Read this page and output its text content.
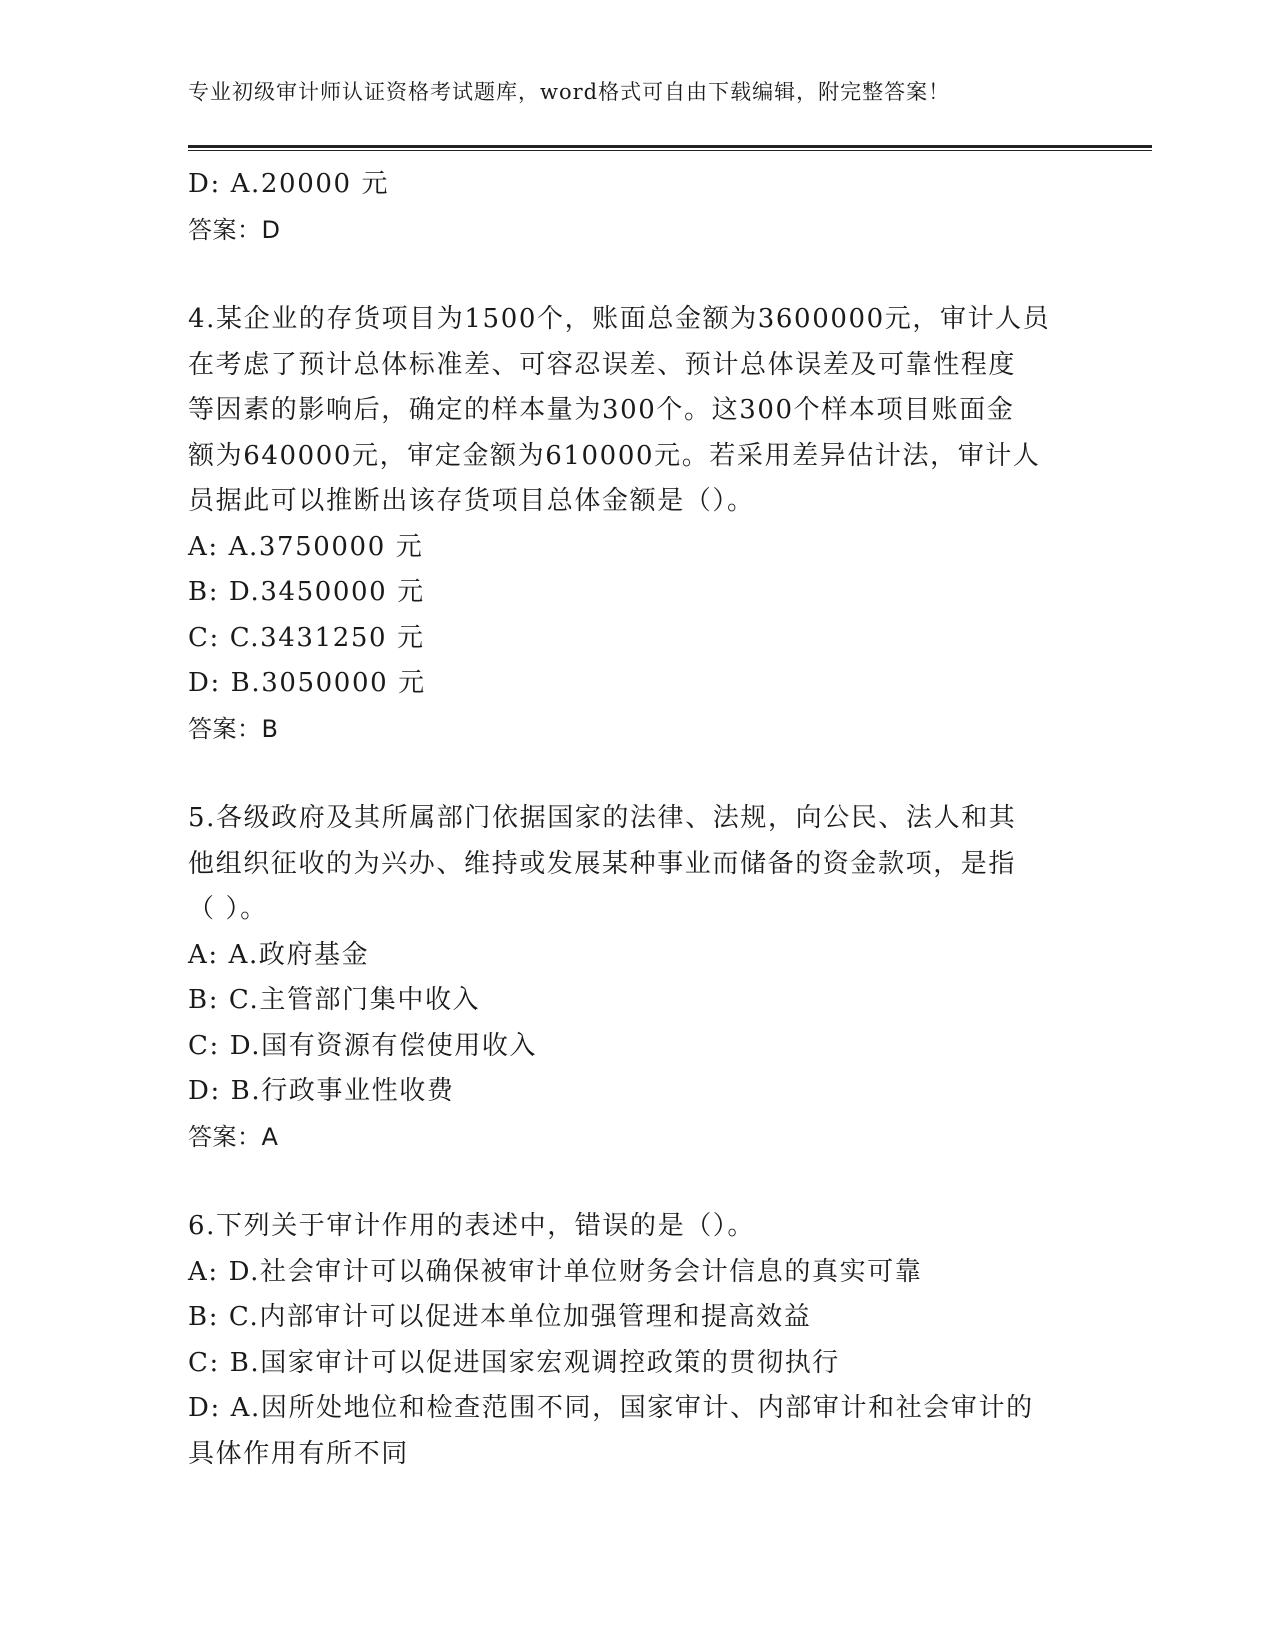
专业初级审计师认证资格考试题库，word格式可自由下载编辑，附完整答案！
D: A.20000 元
答案：D
4.某企业的存货项目为1500个，账面总金额为3600000元，审计人员
在考虑了预计总体标准差、可容忍误差、预计总体误差及可靠性程度
等因素的影响后，确定的样本量为300个。这300个样本项目账面金
额为640000元，审定金额为610000元。若采用差异估计法，审计人
员据此可以推断出该存货项目总体金额是（）。
A: A.3750000 元
B: D.3450000 元
C: C.3431250 元
D: B.3050000 元
答案：B
5.各级政府及其所属部门依据国家的法律、法规，向公民、法人和其
他组织征收的为兴办、维持或发展某种事业而储备的资金款项，是指
（ ）。
A: A.政府基金
B: C.主管部门集中收入
C: D.国有资源有偿使用收入
D: B.行政事业性收费
答案：A
6.下列关于审计作用的表述中，错误的是（）。
A: D.社会审计可以确保被审计单位财务会计信息的真实可靠
B: C.内部审计可以促进本单位加强管理和提高效益
C: B.国家审计可以促进国家宏观调控政策的贯彻执行
D: A.因所处地位和检查范围不同，国家审计、内部审计和社会审计的
具体作用有所不同
